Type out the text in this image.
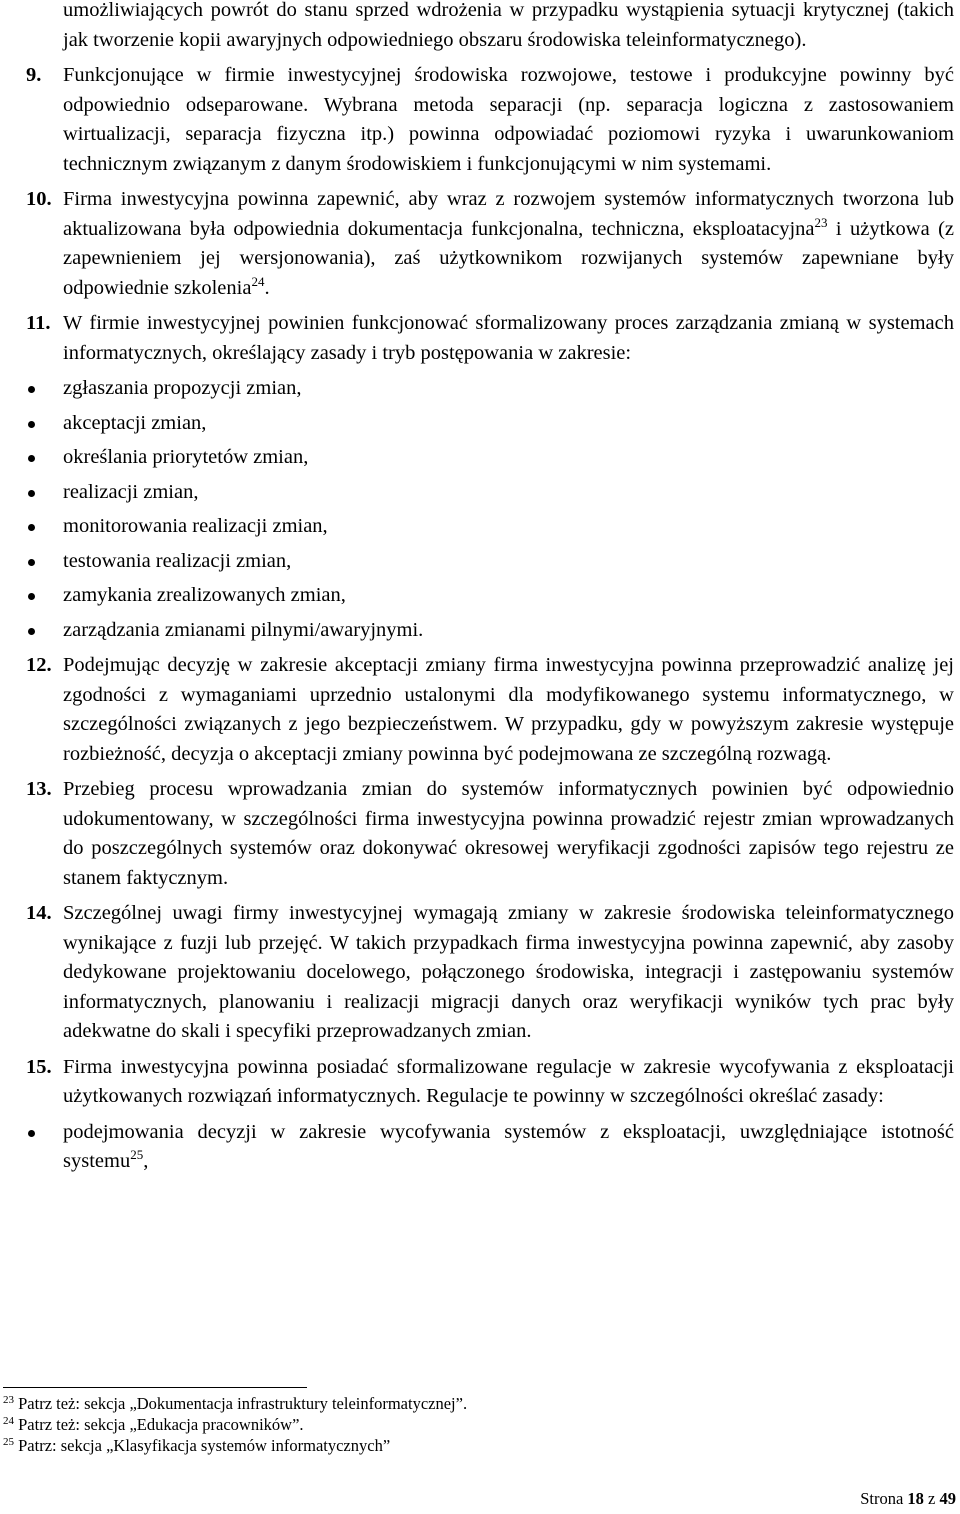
umożliwiających powrót do stanu sprzed wdrożenia w przypadku wystąpienia sytuacji krytycznej (takich jak tworzenie kopii awaryjnych odpowiedniego obszaru środowiska teleinformatycznego).

9. Funkcjonujące w firmie inwestycyjnej środowiska rozwojowe, testowe i produkcyjne powinny być odpowiednio odseparowane. Wybrana metoda separacji (np. separacja logiczna z zastosowaniem wirtualizacji, separacja fizyczna itp.) powinna odpowiadać poziomowi ryzyka i uwarunkowaniom technicznym związanym z danym środowiskiem i funkcjonującymi w nim systemami.
10. Firma inwestycyjna powinna zapewnić, aby wraz z rozwojem systemów informatycznych tworzona lub aktualizowana była odpowiednia dokumentacja funkcjonalna, techniczna, eksploatacyjna$^{23}$ i użytkowa (z zapewnieniem jej wersjonowania), zaś użytkownikom rozwijanych systemów zapewniane były odpowiednie szkolenia$^{24}$.
11. W firmie inwestycyjnej powinien funkcjonować sformalizowany proces zarządzania zmianą w systemach informatycznych, określający zasady i tryb postępowania w zakresie:
zgłaszania propozycji zmian,
akceptacji zmian,
określania priorytetów zmian,
realizacji zmian,
monitorowania realizacji zmian,
testowania realizacji zmian,
zamykania zrealizowanych zmian,
zarządzania zmianami pilnymi/awaryjnymi.
12. Podejmując decyzję w zakresie akceptacji zmiany firma inwestycyjna powinna przeprowadzić analizę jej zgodności z wymaganiami uprzednio ustalonymi dla modyfikowanego systemu informatycznego, w szczególności związanych z jego bezpieczeństwem. W przypadku, gdy w powyższym zakresie występuje rozbieżność, decyzja o akceptacji zmiany powinna być podejmowana ze szczególną rozwagą.
13. Przebieg procesu wprowadzania zmian do systemów informatycznych powinien być odpowiednio udokumentowany, w szczególności firma inwestycyjna powinna prowadzić rejestr zmian wprowadzanych do poszczególnych systemów oraz dokonywać okresowej weryfikacji zgodności zapisów tego rejestru ze stanem faktycznym.
14. Szczególnej uwagi firmy inwestycyjnej wymagają zmiany w zakresie środowiska teleinformatycznego wynikające z fuzji lub przejęć. W takich przypadkach firma inwestycyjna powinna zapewnić, aby zasoby dedykowane projektowaniu docelowego, połączonego środowiska, integracji i zastępowaniu systemów informatycznych, planowaniu i realizacji migracji danych oraz weryfikacji wyników tych prac były adekwatne do skali i specyfiki przeprowadzanych zmian.
15. Firma inwestycyjna powinna posiadać sformalizowane regulacje w zakresie wycofywania z eksploatacji użytkowanych rozwiązań informatycznych. Regulacje te powinny w szczególności określać zasady:
podejmowania decyzji w zakresie wycofywania systemów z eksploatacji, uwzględniające istotność systemu$^{25}$,

$^{23}$ Patrz też: sekcja „Dokumentacja infrastruktury teleinformatycznej”.

$^{24}$ Patrz też: sekcja „Edukacja pracowników”.

$^{25}$ Patrz: sekcja „Klasyfikacja systemów informatycznych”

Strona 18 z 49
